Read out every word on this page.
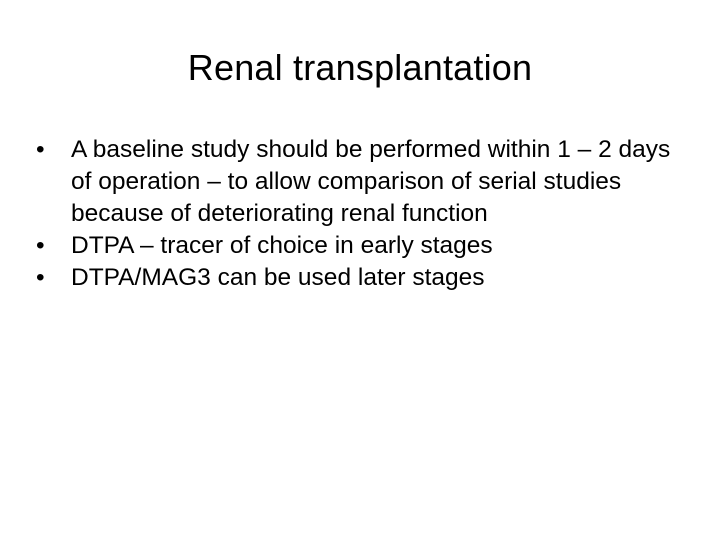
Renal transplantation
•	A baseline study should be performed within 1 – 2 days of operation – to allow comparison of serial studies because of deteriorating renal function
•	DTPA – tracer of choice in early stages
•	DTPA/MAG3 can be used later stages
